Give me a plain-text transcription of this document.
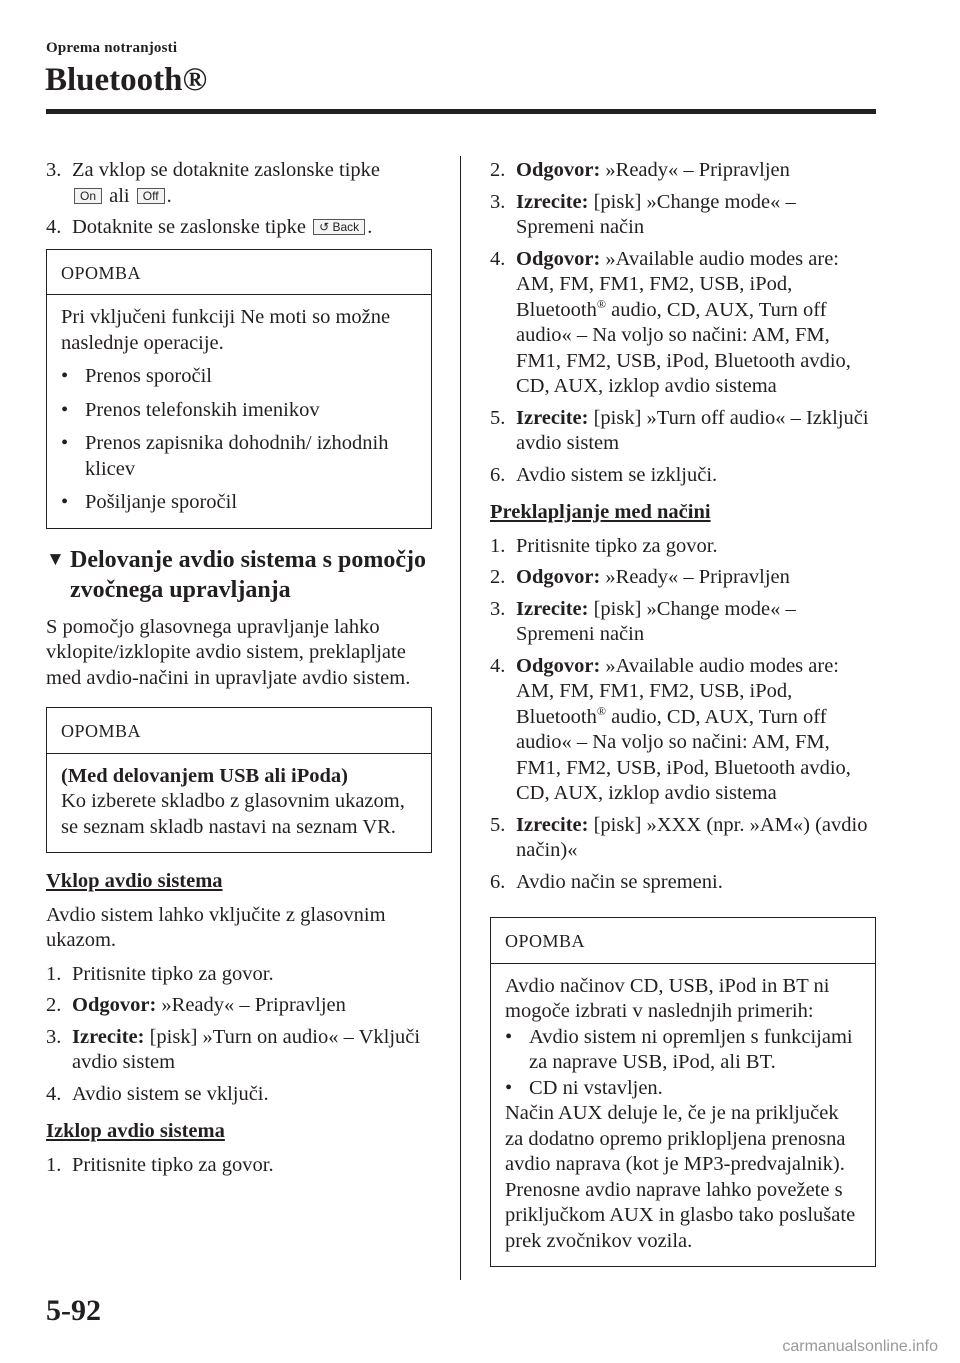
Oprema notranjosti
Bluetooth®
3. Za vklop se dotaknite zaslonske tipke
On ali Off .
4. Dotaknite se zaslonske tipke ↺ Back .
OPOMBA

Pri vključeni funkciji Ne moti so možne naslednje operacije.

• Prenos sporočil
• Prenos telefonskih imenikov
• Prenos zapisnika dohodnih/ izhodnih klicev
• Pošiljanje sporočil
▼ Delovanje avdio sistema s pomočjo zvočnega upravljanja

S pomočjo glasovnega upravljanje lahko vklopite/izklopite avdio sistem, preklapljate med avdio-načini in upravljate avdio sistem.

OPOMBA
(Med delovanjem USB ali iPoda)
Ko izberete skladbo z glasovnim ukazom, se seznam skladb nastavi na seznam VR.
Vklop avdio sistema

Avdio sistem lahko vključite z glasovnim ukazom.

1. Pritisnite tipko za govor.
2. Odgovor: »Ready« – Pripravljen
3. Izrecite: [pisk] »Turn on audio« – Vključi avdio sistem
4. Avdio sistem se vključi.
Izklop avdio sistema
1. Pritisnite tipko za govor.
2. Odgovor: »Ready« – Pripravljen
3. Izrecite: [pisk] »Change mode« – Spremeni način
4. Odgovor: »Available audio modes are: AM, FM, FM1, FM2, USB, iPod, Bluetooth® audio, CD, AUX, Turn off audio« – Na voljo so načini: AM, FM, FM1, FM2, USB, iPod, Bluetooth avdio, CD, AUX, izklop avdio sistema
5. Izrecite: [pisk] »Turn off audio« – Izključi avdio sistem
6. Avdio sistem se izključi.
Preklapljanje med načini
1. Pritisnite tipko za govor.
2. Odgovor: »Ready« – Pripravljen
3. Izrecite: [pisk] »Change mode« – Spremeni način
4. Odgovor: »Available audio modes are: AM, FM, FM1, FM2, USB, iPod, Bluetooth® audio, CD, AUX, Turn off audio« – Na voljo so načini: AM, FM, FM1, FM2, USB, iPod, Bluetooth avdio, CD, AUX, izklop avdio sistema
5. Izrecite: [pisk] »XXX (npr. »AM«) (avdio način)«
6. Avdio način se spremeni.
OPOMBA
Avdio načinov CD, USB, iPod in BT ni mogoče izbrati v naslednjih primerih:
• Avdio sistem ni opremljen s funkcijami za naprave USB, iPod, ali BT.
• CD ni vstavljen.
Način AUX deluje le, če je na priključek za dodatno opremo priklopljena prenosna avdio naprava (kot je MP3-predvajalnik). Prenosne avdio naprave lahko povežete s priključkom AUX in glasbo tako poslušate prek zvočnikov vozila.
5-92
carmanualsonline.info
